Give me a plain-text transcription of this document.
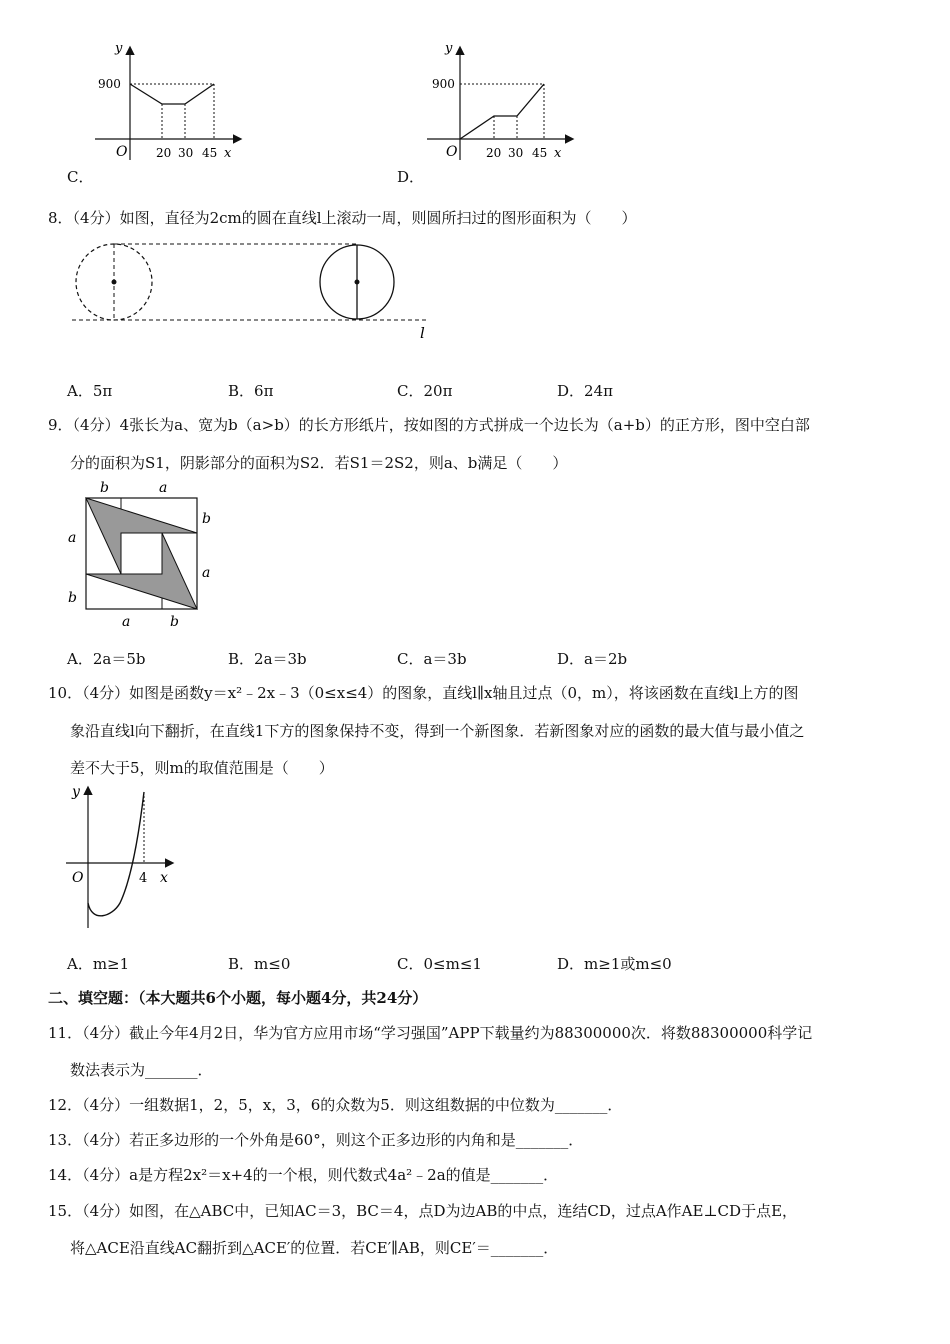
y
O
900
20 30 45 x
C．
y
O
900
20 30 45 x
D．
8．（4分）如图，直径为2cm的圆在直线l上滚动一周，则圆所扫过的图形面积为（　　）
l
A．5π	B．6π	C．20π	D．24π
9．（4分）4张长为a、宽为b（a>b）的长方形纸片，按如图的方式拼成一个边长为（a+b）的正方形，图中空白部
分的面积为S1，阴影部分的面积为S2．若S1＝2S2，则a、b满足（　　）
b	a
b
a
a
b
a	b
A．2a＝5b	B．2a＝3b	C．a＝3b	D．a＝2b
10．（4分）如图是函数y＝x²﹣2x﹣3（0≤x≤4）的图象，直线l∥x轴且过点（0，m），将该函数在直线l上方的图
象沿直线l向下翻折，在直线1下方的图象保持不变，得到一个新图象．若新图象对应的函数的最大值与最小值之
差不大于5，则m的取值范围是（　　）
y
O	4 x
A．m≥1	B．m≤0	C．0≤m≤1	D．m≥1或m≤0
二、填空题：（本大题共6个小题，每小题4分，共24分）
11．（4分）截止今年4月2日，华为官方应用市场“学习强国”APP下载量约为88300000次．将数88300000科学记
数法表示为_______．
12．（4分）一组数据1，2，5，x，3，6的众数为5．则这组数据的中位数为_______．
13．（4分）若正多边形的一个外角是60°，则这个正多边形的内角和是_______．
14．（4分）a是方程2x²＝x+4的一个根，则代数式4a²﹣2a的值是_______．
15．（4分）如图，在△ABC中，已知AC＝3，BC＝4，点D为边AB的中点，连结CD，过点A作AE⊥CD于点E，
将△ACE沿直线AC翻折到△ACE′的位置．若CE′∥AB，则CE′＝_______．
